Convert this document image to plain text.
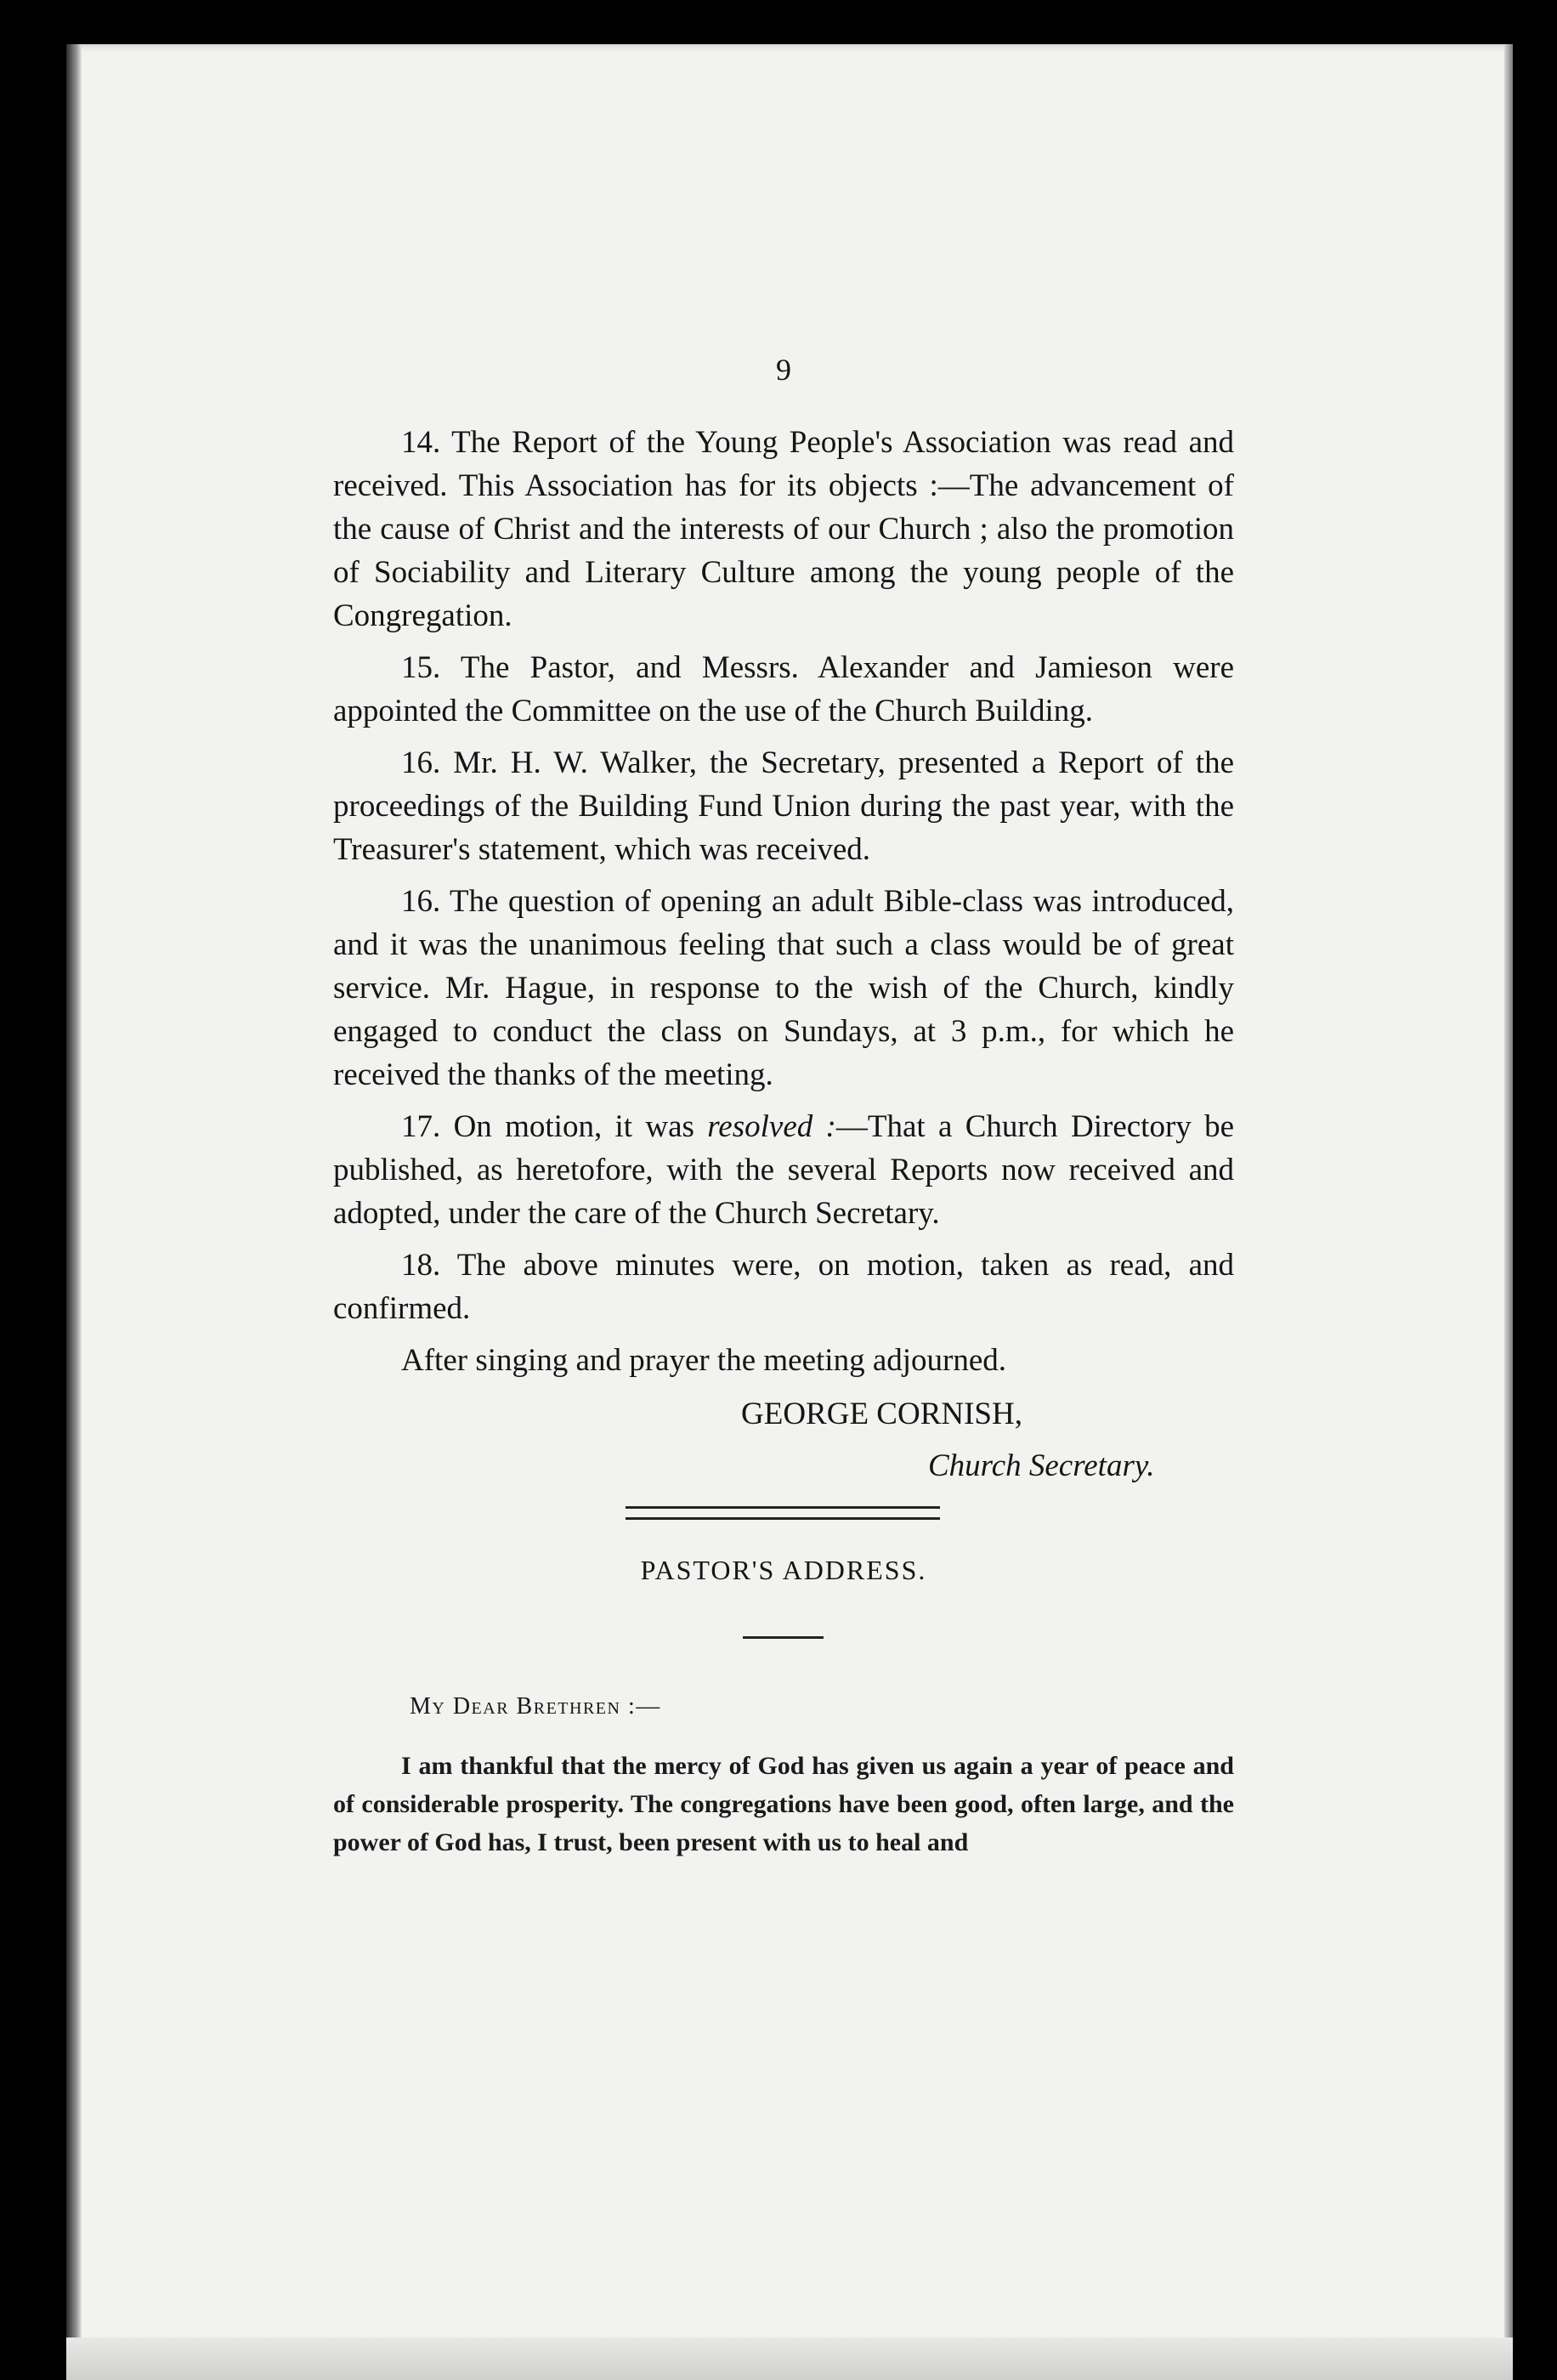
9

14. The Report of the Young People's Association was read and received. This Association has for its objects :—The advancement of the cause of Christ and the interests of our Church ; also the promotion of Sociability and Literary Culture among the young people of the Congregation.

15. The Pastor, and Messrs. Alexander and Jamieson were appointed the Committee on the use of the Church Building.

16. Mr. H. W. Walker, the Secretary, presented a Report of the proceedings of the Building Fund Union during the past year, with the Treasurer's statement, which was received.

16. The question of opening an adult Bible-class was introduced, and it was the unanimous feeling that such a class would be of great service. Mr. Hague, in response to the wish of the Church, kindly engaged to conduct the class on Sundays, at 3 p.m., for which he received the thanks of the meeting.

17. On motion, it was resolved :—That a Church Directory be published, as heretofore, with the several Reports now received and adopted, under the care of the Church Secretary.

18. The above minutes were, on motion, taken as read, and confirmed.

After singing and prayer the meeting adjourned.

GEORGE CORNISH,
Church Secretary.
PASTOR'S ADDRESS.
My Dear Brethren :—

I am thankful that the mercy of God has given us again a year of peace and of considerable prosperity. The congregations have been good, often large, and the power of God has, I trust, been present with us to heal and
